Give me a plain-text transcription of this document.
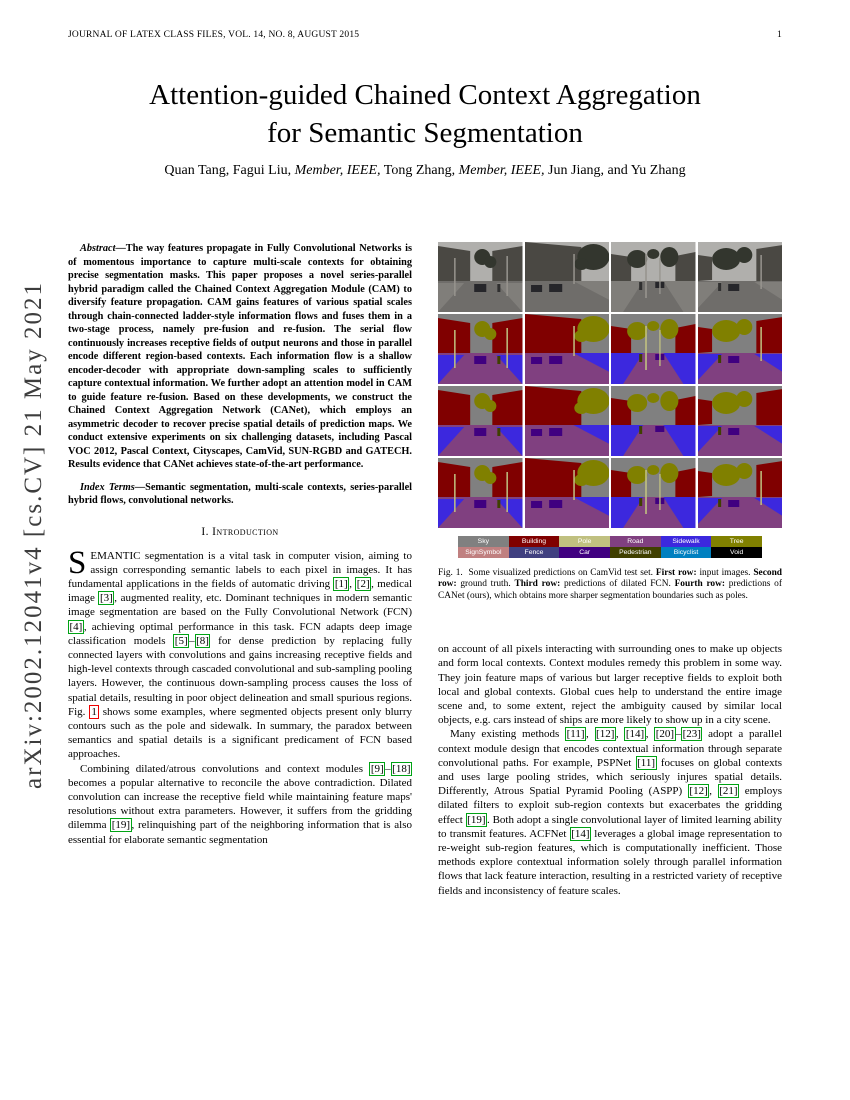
JOURNAL OF LATEX CLASS FILES, VOL. 14, NO. 8, AUGUST 2015	1
arXiv:2002.12041v4 [cs.CV] 21 May 2021
Attention-guided Chained Context Aggregation
for Semantic Segmentation
Quan Tang, Fagui Liu, Member, IEEE, Tong Zhang, Member, IEEE, Jun Jiang, and Yu Zhang

Abstract—The way features propagate in Fully Convolutional Networks is of momentous importance to capture multi-scale contexts for obtaining precise segmentation masks. This paper proposes a novel series-parallel hybrid paradigm called the Chained Context Aggregation Module (CAM) to diversify feature propagation. CAM gains features of various spatial scales through chain-connected ladder-style information flows and fuses them in a two-stage process, namely pre-fusion and re-fusion. The serial flow continuously increases receptive fields of output neurons and those in parallel encode different region-based contexts. Each information flow is a shallow encoder-decoder with appropriate down-sampling scales to sufficiently capture contextual information. We further adopt an attention model in CAM to guide feature re-fusion. Based on these developments, we construct the Chained Context Aggregation Network (CANet), which employs an asymmetric decoder to recover precise spatial details of prediction maps. We conduct extensive experiments on six challenging datasets, including Pascal VOC 2012, Pascal Context, Cityscapes, CamVid, SUN-RGBD and GATECH. Results evidence that CANet achieves state-of-the-art performance.

Index Terms—Semantic segmentation, multi-scale contexts, series-parallel hybrid flows, convolutional networks.

I. Introduction

SEMANTIC segmentation is a vital task in computer vision, aiming to assign corresponding semantic labels to each pixel in images. It has fundamental applications in the fields of automatic driving [1] , [2] , medical image [3] , augmented reality, etc. Dominant techniques in modern semantic image segmentation are based on the Fully Convolutional Network (FCN) [4] , achieving optimal performance in this task. FCN adapts deep image classification models [5] – [8] for dense prediction by replacing fully connected layers with convolutions and gains increasing receptive fields and high-level contexts through cascaded convolutional and sub-sampling pooling layers. However, the continuous down-sampling process causes the loss of spatial details, resulting in poor object delineation and small spurious regions. Fig. 1 shows some examples, where segmented objects present only blurry contours such as the pole and sidewalk. In summary, the paradox between semantics and spatial details is a significant predicament of FCN based approaches.

Combining dilated/atrous convolutions and context modules [9] – [18] becomes a popular alternative to reconcile the above contradiction. Dilated convolution can increase the receptive field while maintaining feature maps' resolutions without extra parameters. However, it suffers from the gridding dilemma [19] , relinquishing part of the neighboring information that is also essential for elaborate semantic segmentation

Sky	Building	Pole	Road	Sidewalk	Tree
SignSymbol	Fence	Car	Pedestrian	Bicyclist	Void
Fig. 1.  Some visualized predictions on CamVid test set. First row: input images. Second row: ground truth. Third row: predictions of dilated FCN. Fourth row: predictions of CANet (ours), which obtains more sharper segmentation boundaries such as poles.

on account of all pixels interacting with surrounding ones to make up objects and form local contexts. Context modules remedy this problem in some way. They join feature maps of various but larger receptive fields to exploit both local and global contexts. Global cues help to understand the entire image scene and, to some extent, reject the ambiguity caused by similar local objects, e.g. cars instead of ships are more likely to show up in a city scene.

Many existing methods [11] , [12] , [14] , [20] – [23] adopt a parallel context module design that encodes contextual information through separate convolutional paths. For example, PSPNet [11] focuses on global contexts and uses large pooling strides, which seriously injures spatial details. Differently, Atrous Spatial Pyramid Pooling (ASPP) [12] , [21] employs dilated filters to exploit sub-region contexts but exacerbates the gridding effect [19] . Both adopt a single convolutional layer of limited learning ability to transmit features. ACFNet [14] leverages a global image representation to re-weight sub-region features, which is computationally inefficient. Those methods explore contextual information solely through parallel information flows that lack feature interaction, resulting in a restricted variety of receptive fields and inconsistency of feature scales.
